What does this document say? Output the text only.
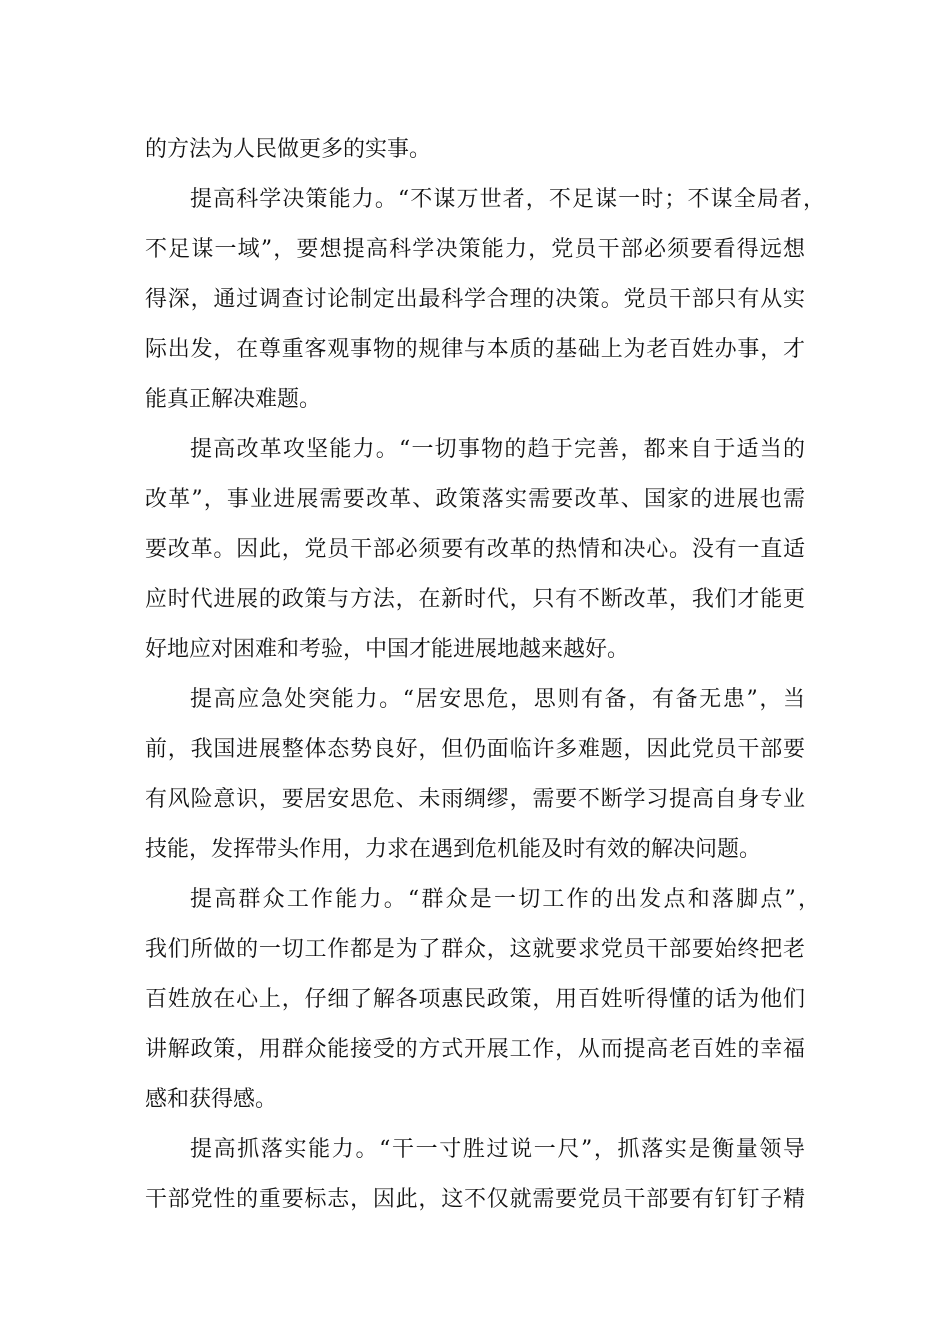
的方法为人民做更多的实事。
提高科学决策能力。“不谋万世者，不足谋一时；不谋全局者，
不足谋一域”，要想提高科学决策能力，党员干部必须要看得远想
得深，通过调查讨论制定出最科学合理的决策。党员干部只有从实
际出发，在尊重客观事物的规律与本质的基础上为老百姓办事，才
能真正解决难题。
提高改革攻坚能力。“一切事物的趋于完善，都来自于适当的
改革”，事业进展需要改革、政策落实需要改革、国家的进展也需
要改革。因此，党员干部必须要有改革的热情和决心。没有一直适
应时代进展的政策与方法，在新时代，只有不断改革，我们才能更
好地应对困难和考验，中国才能进展地越来越好。
提高应急处突能力。“居安思危，思则有备，有备无患”，当
前，我国进展整体态势良好，但仍面临许多难题，因此党员干部要
有风险意识，要居安思危、未雨绸缪，需要不断学习提高自身专业
技能，发挥带头作用，力求在遇到危机能及时有效的解决问题。
提高群众工作能力。“群众是一切工作的出发点和落脚点”，
我们所做的一切工作都是为了群众，这就要求党员干部要始终把老
百姓放在心上，仔细了解各项惠民政策，用百姓听得懂的话为他们
讲解政策，用群众能接受的方式开展工作，从而提高老百姓的幸福
感和获得感。
提高抓落实能力。“干一寸胜过说一尺”，抓落实是衡量领导
干部党性的重要标志，因此，这不仅就需要党员干部要有钉钉子精
